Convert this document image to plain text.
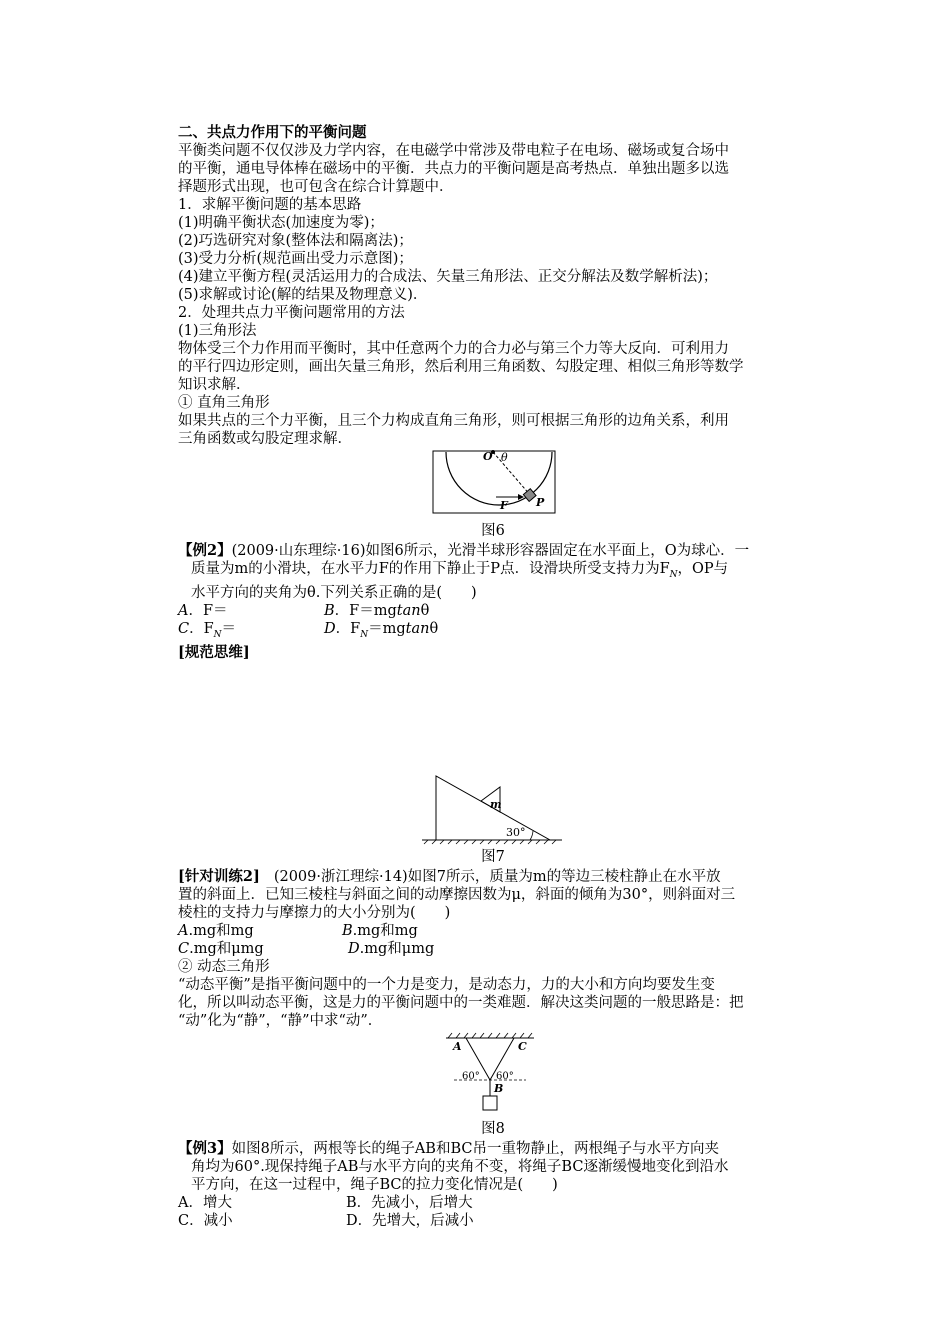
二、共点力作用下的平衡问题
平衡类问题不仅仅涉及力学内容，在电磁学中常涉及带电粒子在电场、磁场或复合场中
的平衡，通电导体棒在磁场中的平衡．共点力的平衡问题是高考热点．单独出题多以选
择题形式出现，也可包含在综合计算题中．
1．求解平衡问题的基本思路
(1)明确平衡状态(加速度为零)；
(2)巧选研究对象(整体法和隔离法)；
(3)受力分析(规范画出受力示意图)；
(4)建立平衡方程(灵活运用力的合成法、矢量三角形法、正交分解法及数学解析法)；
(5)求解或讨论(解的结果及物理意义)．
2．处理共点力平衡问题常用的方法
(1)三角形法
物体受三个力作用而平衡时，其中任意两个力的合力必与第三个力等大反向．可利用力
的平行四边形定则，画出矢量三角形，然后利用三角函数、勾股定理、相似三角形等数学
知识求解．
① 直角三角形
如果共点的三个力平衡，且三个力构成直角三角形，则可根据三角形的边角关系，利用
三角函数或勾股定理求解．
O θ
F	P
图6
【例2】(2009·山东理综·16)如图6所示，光滑半球形容器固定在水平面上，O为球心．一
质量为m的小滑块，在水平力F的作用下静止于P点．设滑块所受支持力为$F_N$，OP与
水平方向的夹角为θ.下列关系正确的是(　　)
A．F＝	B．F＝mgtanθ
C．$F_N=$	D．$F_N=mgtan\theta$
[规范思维]
m
30°
图7
[针对训练2] (2009·浙江理综·14)如图7所示，质量为m的等边三棱柱静止在水平放
置的斜面上．已知三棱柱与斜面之间的动摩擦因数为μ，斜面的倾角为30°，则斜面对三
棱柱的支持力与摩擦力的大小分别为(　　)
A.mg和mg	B.mg和mg
C.mg和μmg	D.mg和μmg
② 动态三角形
“动态平衡”是指平衡问题中的一个力是变力，是动态力，力的大小和方向均要发生变
化，所以叫动态平衡，这是力的平衡问题中的一类难题．解决这类问题的一般思路是：把
“动”化为“静”，“静”中求“动”．
A	C
B
60° 60°
图8
【例3】如图8所示，两根等长的绳子AB和BC吊一重物静止，两根绳子与水平方向夹
角均为60°.现保持绳子AB与水平方向的夹角不变，将绳子BC逐渐缓慢地变化到沿水
平方向，在这一过程中，绳子BC的拉力变化情况是(　　)
A．增大	B．先减小，后增大
C．减小	D．先增大，后减小
